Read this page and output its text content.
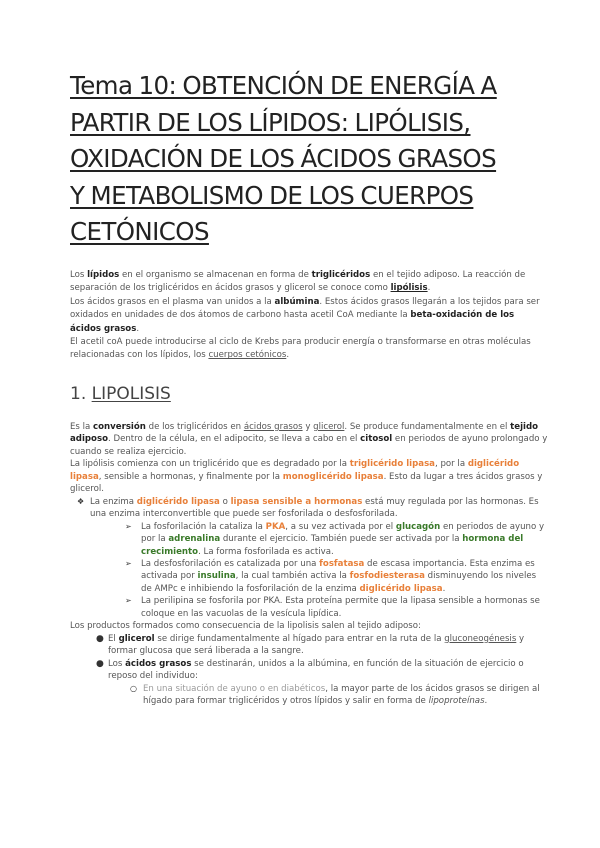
Tema 10: OBTENCIÓN DE ENERGÍA A
PARTIR DE LOS LÍPIDOS: LIPÓLISIS,
OXIDACIÓN DE LOS ÁCIDOS GRASOS
Y METABOLISMO DE LOS CUERPOS
CETÓNICOS

Los lípidos en el organismo se almacenan en forma de triglicéridos en el tejido adiposo. La reacción de separación de los triglicéridos en ácidos grasos y glicerol se conoce como lipólisis.

Los ácidos grasos en el plasma van unidos a la albúmina. Estos ácidos grasos llegarán a los tejidos para ser oxidados en unidades de dos átomos de carbono hasta acetil CoA mediante la beta-oxidación de los ácidos grasos.

El acetil coA puede introducirse al ciclo de Krebs para producir energía o transformarse en otras moléculas relacionadas con los lípidos, los cuerpos cetónicos.

1. LIPOLISIS

Es la conversión de los triglicéridos en ácidos grasos y glicerol. Se produce fundamentalmente en el tejido adiposo. Dentro de la célula, en el adipocito, se lleva a cabo en el citosol en periodos de ayuno prolongado y cuando se realiza ejercicio.

La lipólisis comienza con un triglicérido que es degradado por la triglicérido lipasa, por la diglicérido lipasa, sensible a hormonas, y finalmente por la monoglicérido lipasa. Esto da lugar a tres ácidos grasos y glicerol.

❖ La enzima diglicérido lipasa o lipasa sensible a hormonas está muy regulada por las hormonas. Es una enzima interconvertible que puede ser fosforilada o desfosforilada.
➢ La fosforilación la cataliza la PKA, a su vez activada por el glucagón en periodos de ayuno y por la adrenalina durante el ejercicio. También puede ser activada por la hormona del crecimiento. La forma fosforilada es activa.
➢ La desfosforilación es catalizada por una fosfatasa de escasa importancia. Esta enzima es activada por insulina, la cual también activa la fosfodiesterasa disminuyendo los niveles de AMPc e inhibiendo la fosforilación de la enzima diglicérido lipasa.
➢ La perilipina se fosforila por PKA. Esta proteína permite que la lipasa sensible a hormonas se coloque en las vacuolas de la vesícula lipídica.

Los productos formados como consecuencia de la lipolisis salen al tejido adiposo:

● El glicerol se dirige fundamentalmente al hígado para entrar en la ruta de la gluconeogénesis y formar glucosa que será liberada a la sangre.
● Los ácidos grasos se destinarán, unidos a la albúmina, en función de la situación de ejercicio o reposo del individuo:
○ En una situación de ayuno o en diabéticos, la mayor parte de los ácidos grasos se dirigen al hígado para formar triglicéridos y otros lípidos y salir en forma de lipoproteínas.
